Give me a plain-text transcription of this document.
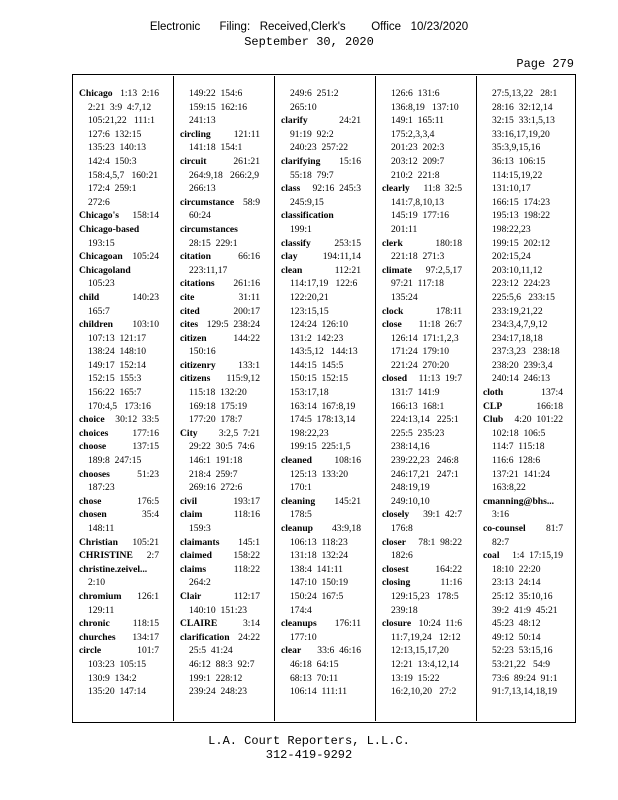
Electronic      Filing:   Received,Clerk's        Office   10/23/2020
September 30, 2020
Page 279
Chicago 1:13  2:16
2:21  3:9  4:7,12
105:21,22   111:1
127:6  132:15
135:23  140:13
142:4  150:3
158:4,5,7   160:21
172:4  259:1
272:6
Chicago's 158:14
Chicago-based
193:15
Chicagoan 105:24
Chicagoland
105:23
child	140:23
165:7
children 103:10
107:13  121:17
138:24  148:10
149:17  152:14
152:15  155:3
156:22  165:7
170:4,5   173:16
choice 30:12  33:5
choices	177:16
choose	137:15
189:8  247:15
chooses	51:23
187:23
chose	176:5
chosen	35:4
148:11
Christian 105:21
CHRISTINE 2:7
christine.zeivel...
2:10
chromium 126:1
129:11
chronic 118:15
churches 134:17
circle	101:7
103:23  105:15
130:9  134:2
135:20  147:14
149:22  154:6
159:15  162:16
241:13
circling 121:11
141:18  154:1
circuit	261:21
264:9,18   266:2,9
266:13
circumstance 58:9
60:24
circumstances
28:15  229:1
citation	66:16
223:11,17
citations 261:16
cite	31:11
cited	200:17
cites 129:5  238:24
citizen	144:22
150:16
citizenry 133:1
citizens 115:9,12
115:18  132:20
169:18  175:19
177:20  178:7
City 3:2,5  7:21
29:22  30:5  74:6
146:1  191:18
218:4  259:7
269:16  272:6
civil	193:17
claim	118:16
159:3
claimants 145:1
claimed 158:22
claims	118:22
264:2
Clair	112:17
140:10  151:23
CLAIRE	3:14
clarification 24:22
25:5  41:24
46:12  88:3  92:7
199:1  228:12
239:24  248:23
249:6  251:2
265:10
clarify	24:21
91:19  92:2
240:23  257:22
clarifying 15:16
55:18  79:7
class 92:16  245:3
245:9,15
classification
199:1
classify 253:15
clay	194:11,14
clean	112:21
114:17,19   122:6
122:20,21
123:15,15
124:24  126:10
131:2  142:23
143:5,12   144:13
144:15  145:5
150:15  152:15
153:17,18
163:14  167:8,19
174:5  178:13,14
198:22,23
199:15  225:1,5
cleaned 108:16
125:13  133:20
170:1
cleaning 145:21
178:5
cleanup 43:9,18
106:13  118:23
131:18  132:24
138:4  141:11
147:10  150:19
150:24  167:5
174:4
cleanups 176:11
177:10
clear 33:6  46:16
46:18  64:15
68:13  70:11
106:14  111:11
126:6  131:6
136:8,19   137:10
149:1  165:11
175:2,3,3,4
201:23  202:3
203:12  209:7
210:2  221:8
clearly 11:8  32:5
141:7,8,10,13
145:19  177:16
201:11
clerk	180:18
221:18  271:3
climate 97:2,5,17
97:21  117:18
135:24
clock	178:11
close 11:18  26:7
126:14  171:1,2,3
171:24  179:10
221:24  270:20
closed 11:13  19:7
131:7  141:9
166:13  168:1
224:13,14   225:1
225:5  235:23
238:14,16
239:22,23   246:8
246:17,21   247:1
248:19,19
249:10,10
closely 39:1  42:7
176:8
closer 78:1  98:22
182:6
closest	164:22
closing	11:16
129:15,23   178:5
239:18
closure 10:24  11:6
11:7,19,24   12:12
12:13,15,17,20
12:21  13:4,12,14
13:19  15:22
16:2,10,20   27:2
27:5,13,22   28:1
28:16  32:12,14
32:15  33:1,5,13
33:16,17,19,20
35:3,9,15,16
36:13  106:15
114:15,19,22
131:10,17
166:15  174:23
195:13  198:22
198:22,23
199:15  202:12
202:15,24
203:10,11,12
223:12  224:23
225:5,6   233:15
233:19,21,22
234:3,4,7,9,12
234:17,18,18
237:3,23   238:18
238:20  239:3,4
240:14  246:13
cloth	137:4
CLP	166:18
Club 4:20  101:22
102:18  106:5
114:7  115:18
116:6  128:6
137:21  141:24
163:8,22
cmanning@bhs...
3:16
co-counsel 81:7
82:7
coal 1:4  17:15,19
18:10  22:20
23:13  24:14
25:12  35:10,16
39:2  41:9  45:21
45:23  48:12
49:12  50:14
52:23  53:15,16
53:21,22   54:9
73:6  89:24  91:1
91:7,13,14,18,19
L.A. Court Reporters, L.L.C.
312-419-9292
